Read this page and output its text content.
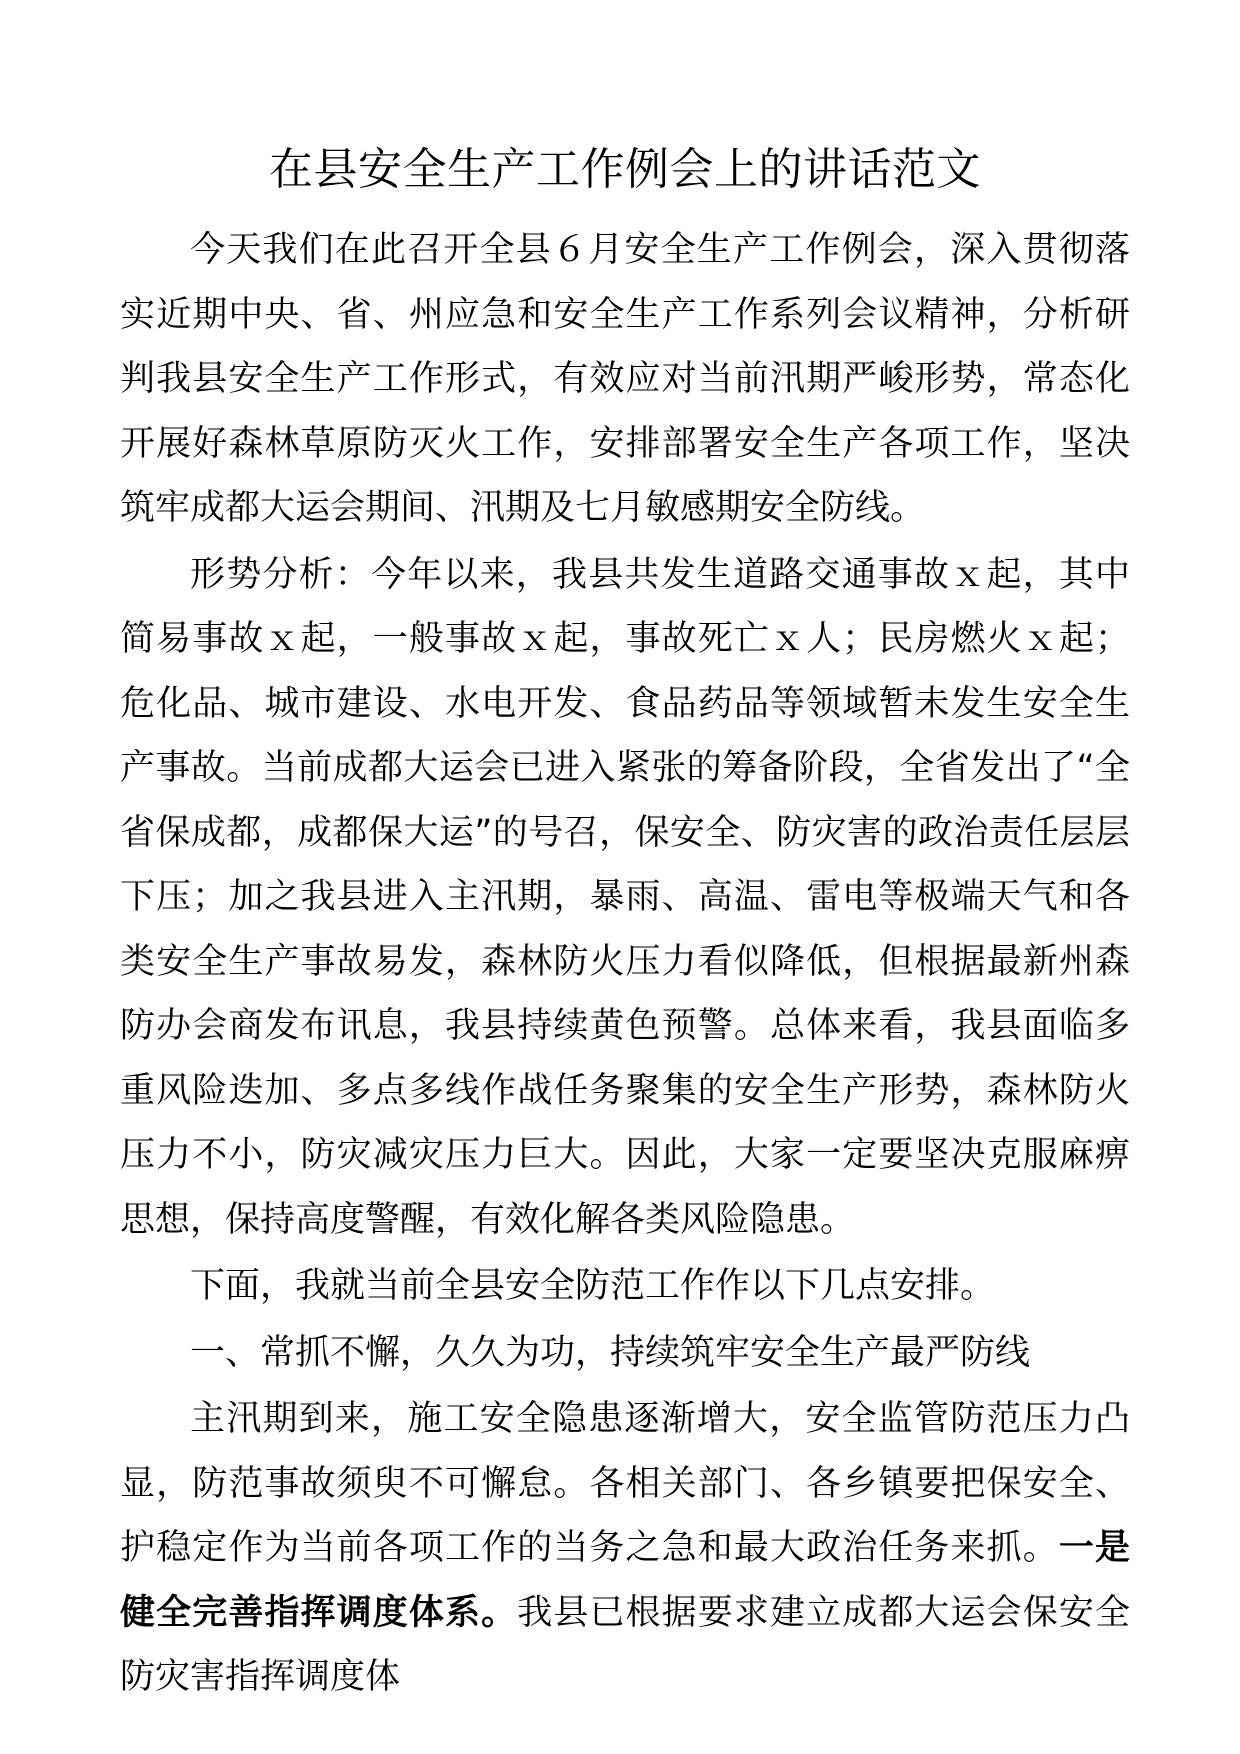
在县安全生产工作例会上的讲话范文

今天我们在此召开全县６月安全生产工作例会，深入贯彻落实近期中央、省、州应急和安全生产工作系列会议精神，分析研判我县安全生产工作形式，有效应对当前汛期严峻形势，常态化开展好森林草原防灭火工作，安排部署安全生产各项工作，坚决筑牢成都大运会期间、汛期及七月敏感期安全防线。

形势分析：今年以来，我县共发生道路交通事故ｘ起，其中简易事故ｘ起，一般事故ｘ起，事故死亡ｘ人；民房燃火ｘ起；危化品、城市建设、水电开发、食品药品等领域暂未发生安全生产事故。当前成都大运会已进入紧张的筹备阶段，全省发出了“全省保成都，成都保大运”的号召，保安全、防灾害的政治责任层层下压；加之我县进入主汛期，暴雨、高温、雷电等极端天气和各类安全生产事故易发，森林防火压力看似降低，但根据最新州森防办会商发布讯息，我县持续黄色预警。总体来看，我县面临多重风险迭加、多点多线作战任务聚集的安全生产形势，森林防火压力不小，防灾减灾压力巨大。因此，大家一定要坚决克服麻痹思想，保持高度警醒，有效化解各类风险隐患。

下面，我就当前全县安全防范工作作以下几点安排。

一、常抓不懈，久久为功，持续筑牢安全生产最严防线

主汛期到来，施工安全隐患逐渐增大，安全监管防范压力凸显，防范事故须臾不可懈怠。各相关部门、各乡镇要把保安全、护稳定作为当前各项工作的当务之急和最大政治任务来抓。一是健全完善指挥调度体系。我县已根据要求建立成都大运会保安全防灾害指挥调度体
